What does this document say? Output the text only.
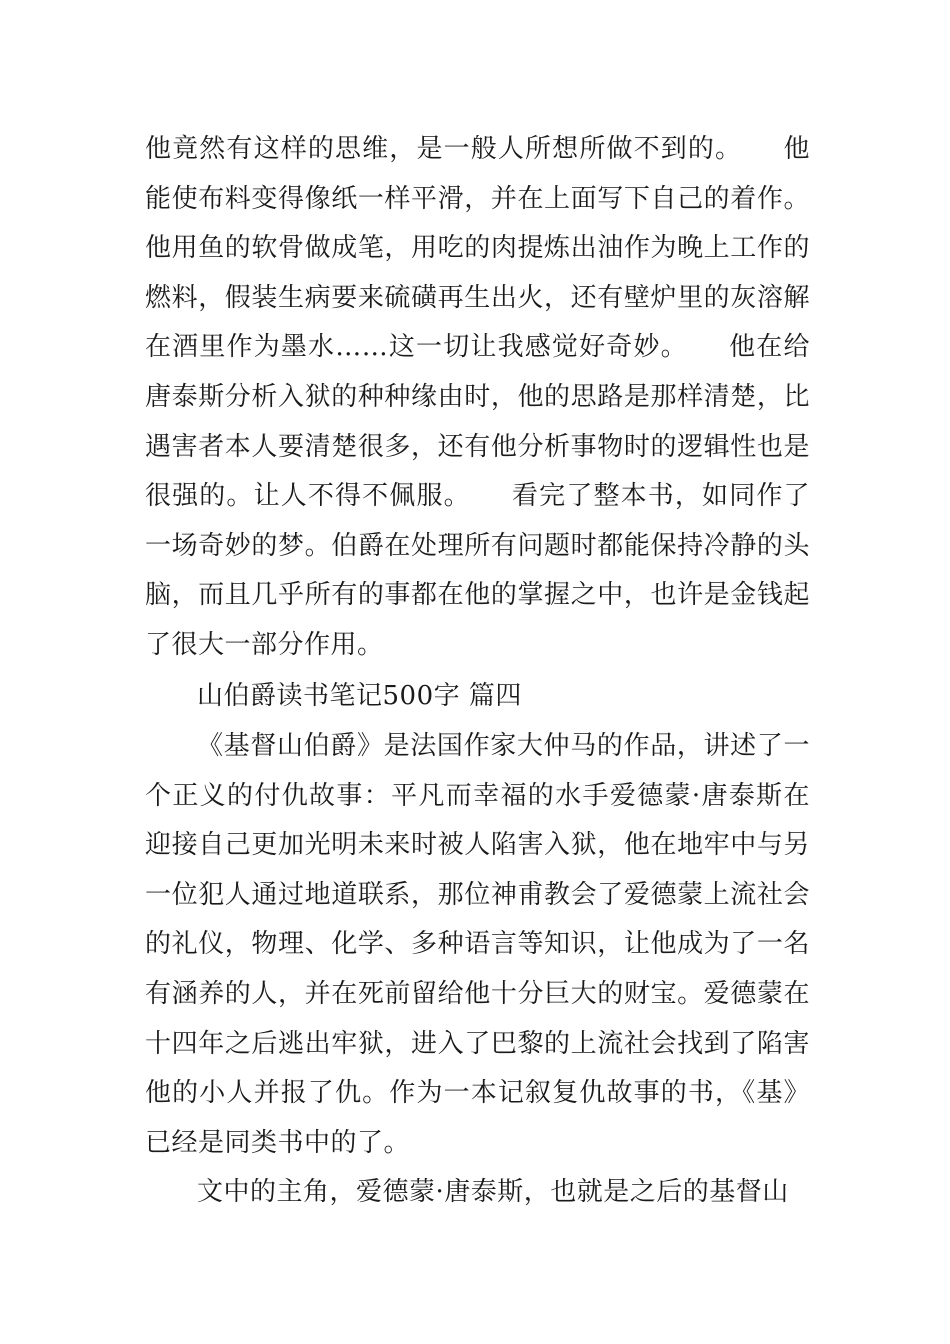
他竟然有这样的思维，是一般人所想所做不到的。　　他能使布料变得像纸一样平滑，并在上面写下自己的着作。他用鱼的软骨做成笔，用吃的肉提炼出油作为晚上工作的燃料，假装生病要来硫磺再生出火，还有壁炉里的灰溶解在酒里作为墨水……这一切让我感觉好奇妙。　　他在给唐泰斯分析入狱的种种缘由时，他的思路是那样清楚，比遇害者本人要清楚很多，还有他分析事物时的逻辑性也是很强的。让人不得不佩服。　　看完了整本书，如同作了一场奇妙的梦。伯爵在处理所有问题时都能保持冷静的头脑，而且几乎所有的事都在他的掌握之中，也许是金钱起了很大一部分作用。

山伯爵读书笔记500字 篇四

《基督山伯爵》是法国作家大仲马的作品，讲述了一个正义的付仇故事：平凡而幸福的水手爱德蒙·唐泰斯在迎接自己更加光明未来时被人陷害入狱，他在地牢中与另一位犯人通过地道联系，那位神甫教会了爱德蒙上流社会的礼仪，物理、化学、多种语言等知识，让他成为了一名有涵养的人，并在死前留给他十分巨大的财宝。爱德蒙在十四年之后逃出牢狱，进入了巴黎的上流社会找到了陷害他的小人并报了仇。作为一本记叙复仇故事的书，《基》已经是同类书中的了。

文中的主角，爱德蒙·唐泰斯，也就是之后的基督山
